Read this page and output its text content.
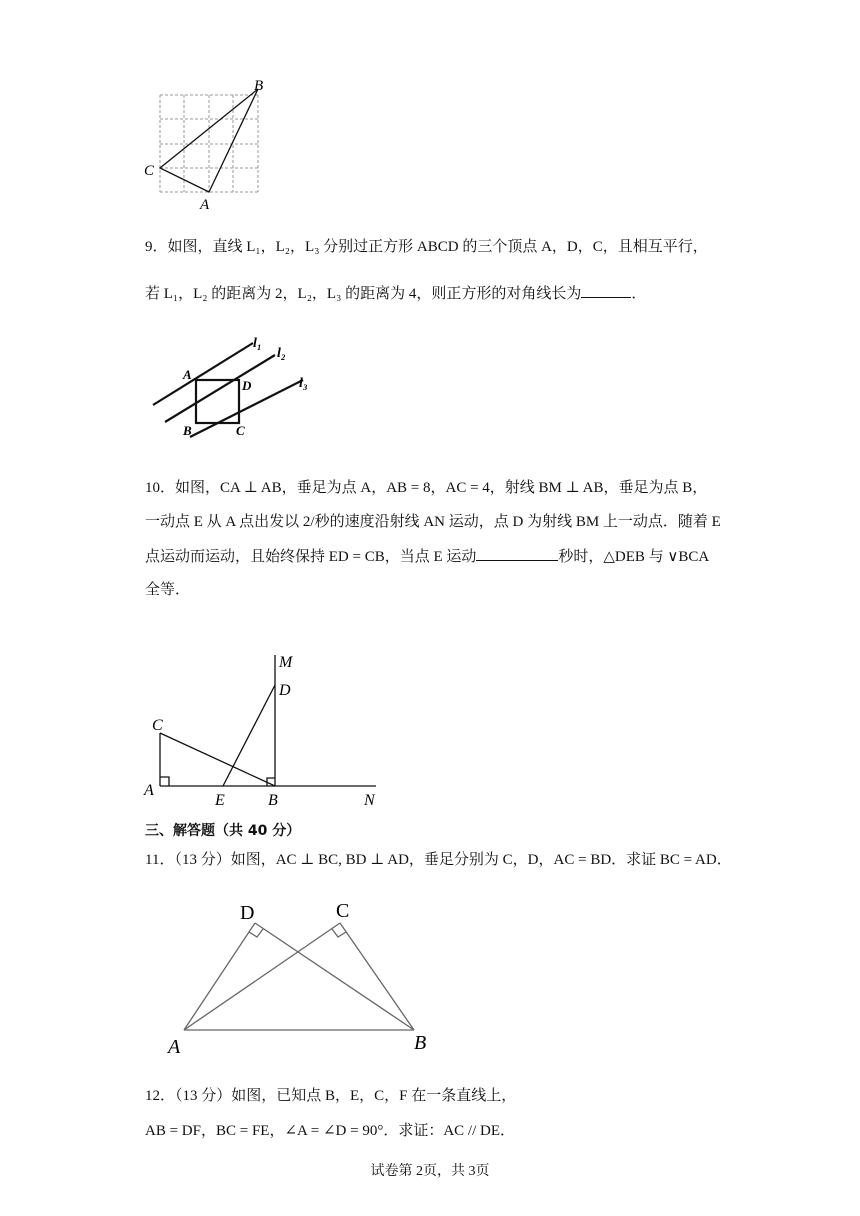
B
C
A
9．如图，直线 L₁，L₂，L₃ 分别过正方形 ABCD 的三个顶点 A，D，C，且相互平行，
若 L₁，L₂ 的距离为 2，L₂，L₃ 的距离为 4，则正方形的对角线长为	．
l₁
l₂
l₃
A
D
B	C
10．如图，CA ⊥ AB，垂足为点 A，AB = 8，AC = 4，射线 BM ⊥ AB，垂足为点 B，
一动点 E 从 A 点出发以 2/秒的速度沿射线 AN 运动，点 D 为射线 BM 上一动点．随着 E
点运动而运动，且始终保持 ED = CB，当点 E 运动	秒时，△DEB 与 ∨BCA
全等．
M
D
C
A
E	B	N
三、解答题（共 40 分）
11．（13 分）如图，AC ⊥ BC, BD ⊥ AD，垂足分别为 C，D，AC = BD．求证 BC = AD．
D	C
A	B
12．（13 分）如图，已知点 B，E，C，F 在一条直线上，
AB = DF，BC = FE，∠A = ∠D = 90°．求证：AC // DE．
试卷第 2页，共 3页
